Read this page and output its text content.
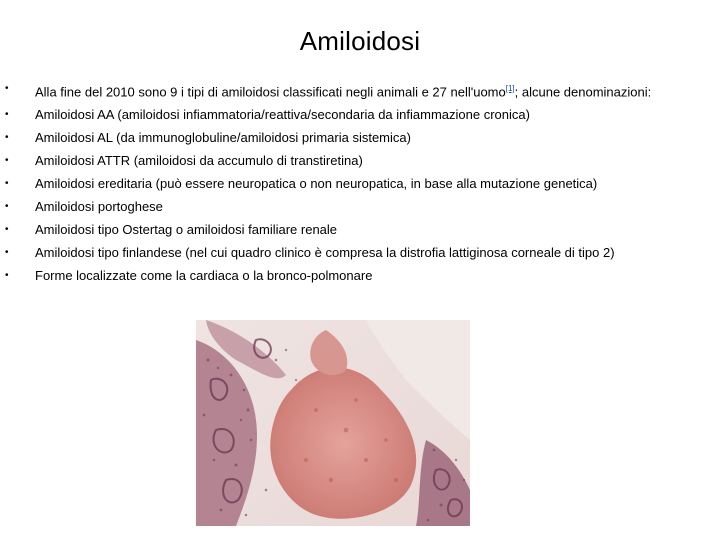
Amiloidosi
• Alla fine del 2010 sono 9 i tipi di amiloidosi classificati negli animali e 27 nell'uomo[1]; alcune denominazioni:
• Amiloidosi AA (amiloidosi infiammatoria/reattiva/secondaria da infiammazione cronica)
• Amiloidosi AL (da immunoglobuline/amiloidosi primaria sistemica)
• Amiloidosi ATTR (amiloidosi da accumulo di transtiretina)
• Amiloidosi ereditaria (può essere neuropatica o non neuropatica, in base alla mutazione genetica)
• Amiloidosi portoghese
• Amiloidosi tipo Ostertag o amiloidosi familiare renale
• Amiloidosi tipo finlandese (nel cui quadro clinico è compresa la distrofia lattiginosa corneale di tipo 2)
• Forme localizzate come la cardiaca o la bronco-polmonare
